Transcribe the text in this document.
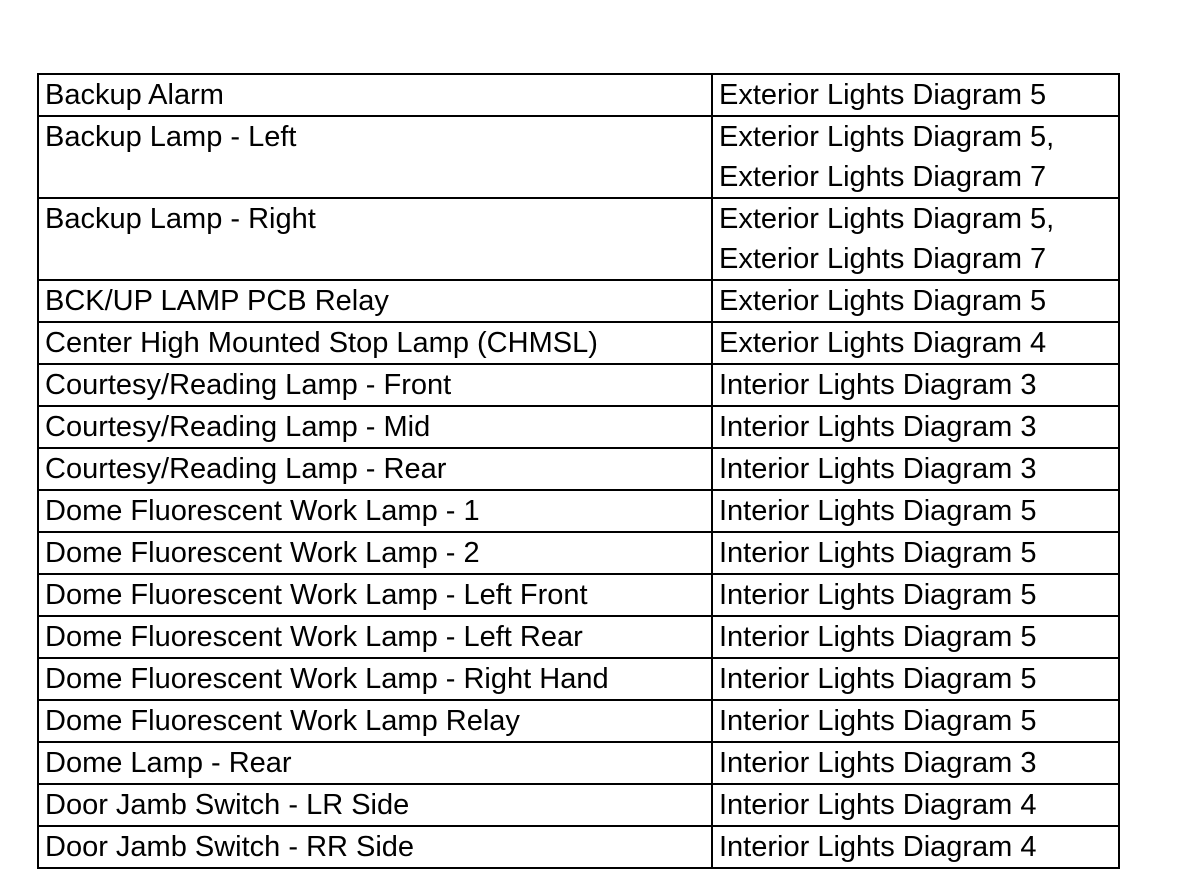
Backup Alarm	Exterior Lights Diagram 5

Backup Lamp - Left	Exterior Lights Diagram 5,
Exterior Lights Diagram 7

Backup Lamp - Right	Exterior Lights Diagram 5,
Exterior Lights Diagram 7

BCK/UP LAMP PCB Relay	Exterior Lights Diagram 5

Center High Mounted Stop Lamp (CHMSL)	Exterior Lights Diagram 4

Courtesy/Reading Lamp - Front	Interior Lights Diagram 3

Courtesy/Reading Lamp - Mid	Interior Lights Diagram 3

Courtesy/Reading Lamp - Rear	Interior Lights Diagram 3

Dome Fluorescent Work Lamp - 1	Interior Lights Diagram 5

Dome Fluorescent Work Lamp - 2	Interior Lights Diagram 5

Dome Fluorescent Work Lamp - Left Front	Interior Lights Diagram 5

Dome Fluorescent Work Lamp - Left Rear	Interior Lights Diagram 5

Dome Fluorescent Work Lamp - Right Hand	Interior Lights Diagram 5

Dome Fluorescent Work Lamp Relay	Interior Lights Diagram 5

Dome Lamp - Rear	Interior Lights Diagram 3

Door Jamb Switch - LR Side	Interior Lights Diagram 4

Door Jamb Switch - RR Side	Interior Lights Diagram 4
